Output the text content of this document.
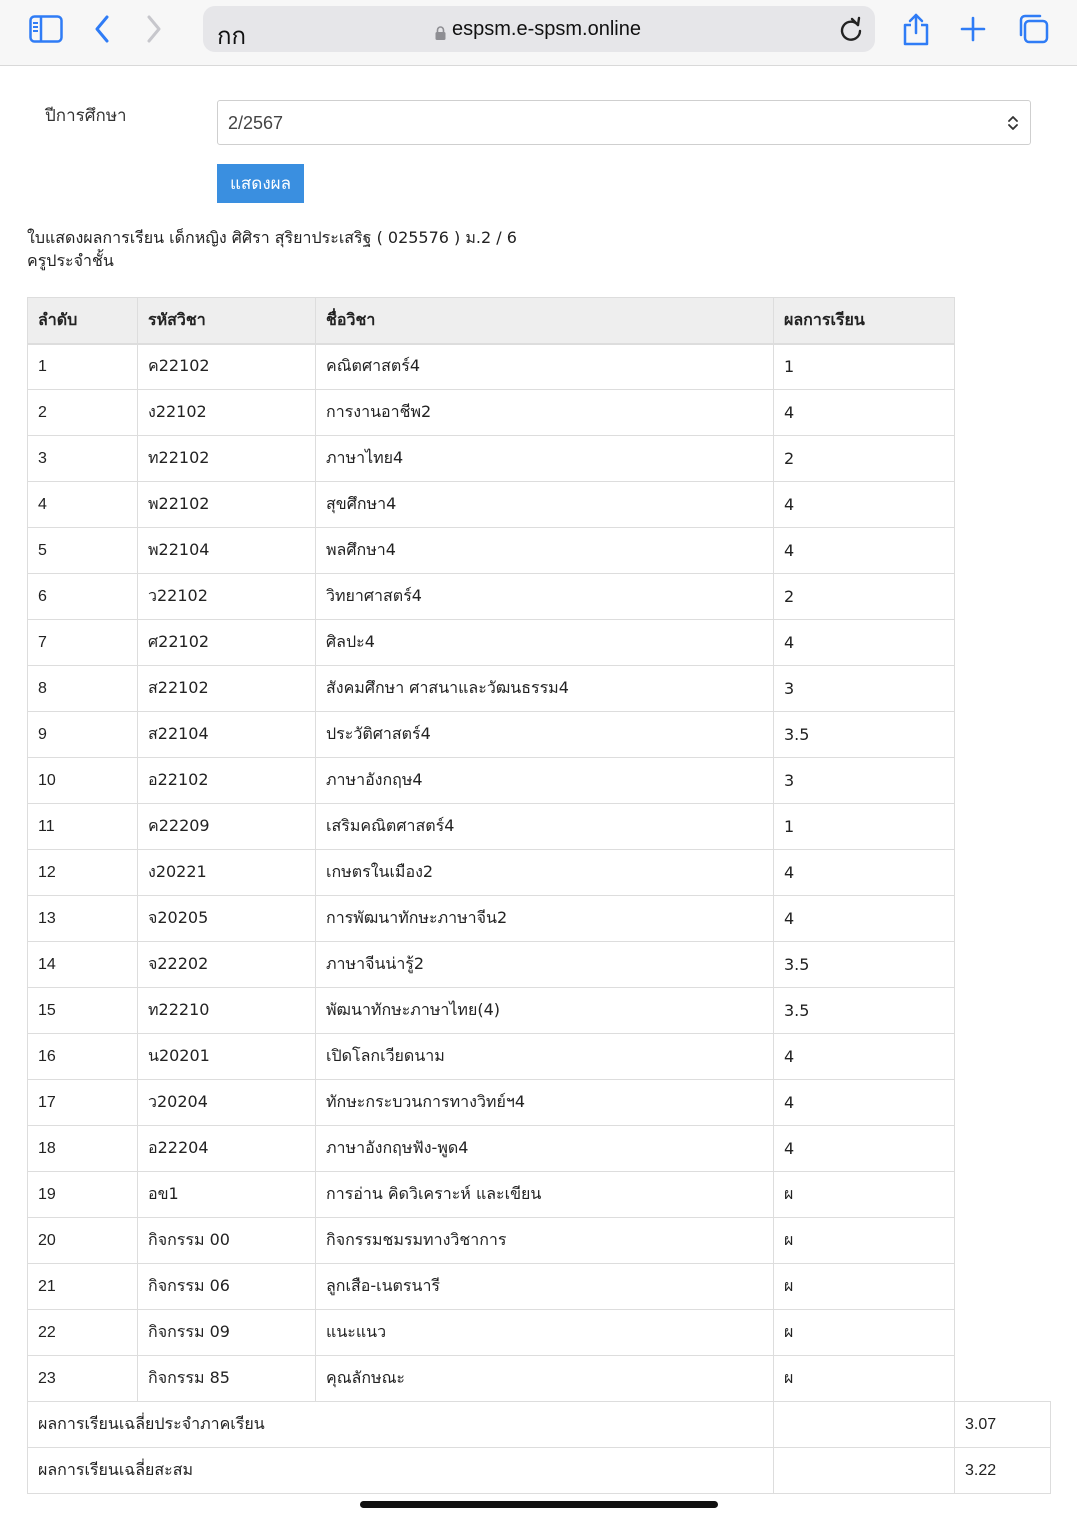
กก	espsm.e-spsm.online
ปีการศึกษา	2/2567
แสดงผล
ใบแสดงผลการเรียน เด็กหญิง ศิศิรา สุริยาประเสริฐ ( 025576 ) ม.2 / 6
ครูประจำชั้น
ลำดับ	รหัสวิชา	ชื่อวิชา	ผลการเรียน	
1	ค22102	คณิตศาสตร์4	1	
2	ง22102	การงานอาชีพ2	4	
3	ท22102	ภาษาไทย4	2	
4	พ22102	สุขศึกษา4	4	
5	พ22104	พลศึกษา4	4	
6	ว22102	วิทยาศาสตร์4	2	
7	ศ22102	ศิลปะ4	4	
8	ส22102	สังคมศึกษา ศาสนาและวัฒนธรรม4	3	
9	ส22104	ประวัติศาสตร์4	3.5	
10	อ22102	ภาษาอังกฤษ4	3	
11	ค22209	เสริมคณิตศาสตร์4	1	
12	ง20221	เกษตรในเมือง2	4	
13	จ20205	การพัฒนาทักษะภาษาจีน2	4	
14	จ22202	ภาษาจีนน่ารู้2	3.5	
15	ท22210	พัฒนาทักษะภาษาไทย(4)	3.5	
16	น20201	เปิดโลกเวียดนาม	4	
17	ว20204	ทักษะกระบวนการทางวิทย์ฯ4	4	
18	อ22204	ภาษาอังกฤษฟัง-พูด4	4	
19	อข1	การอ่าน คิดวิเคราะห์ และเขียน	ผ	
20	กิจกรรม 00	กิจกรรมชมรมทางวิชาการ	ผ	
21	กิจกรรม 06	ลูกเสือ-เนตรนารี	ผ	
22	กิจกรรม 09	แนะแนว	ผ	
23	กิจกรรม 85	คุณลักษณะ	ผ	
ผลการเรียนเฉลี่ยประจำภาคเรียน				3.07
ผลการเรียนเฉลี่ยสะสม				3.22
